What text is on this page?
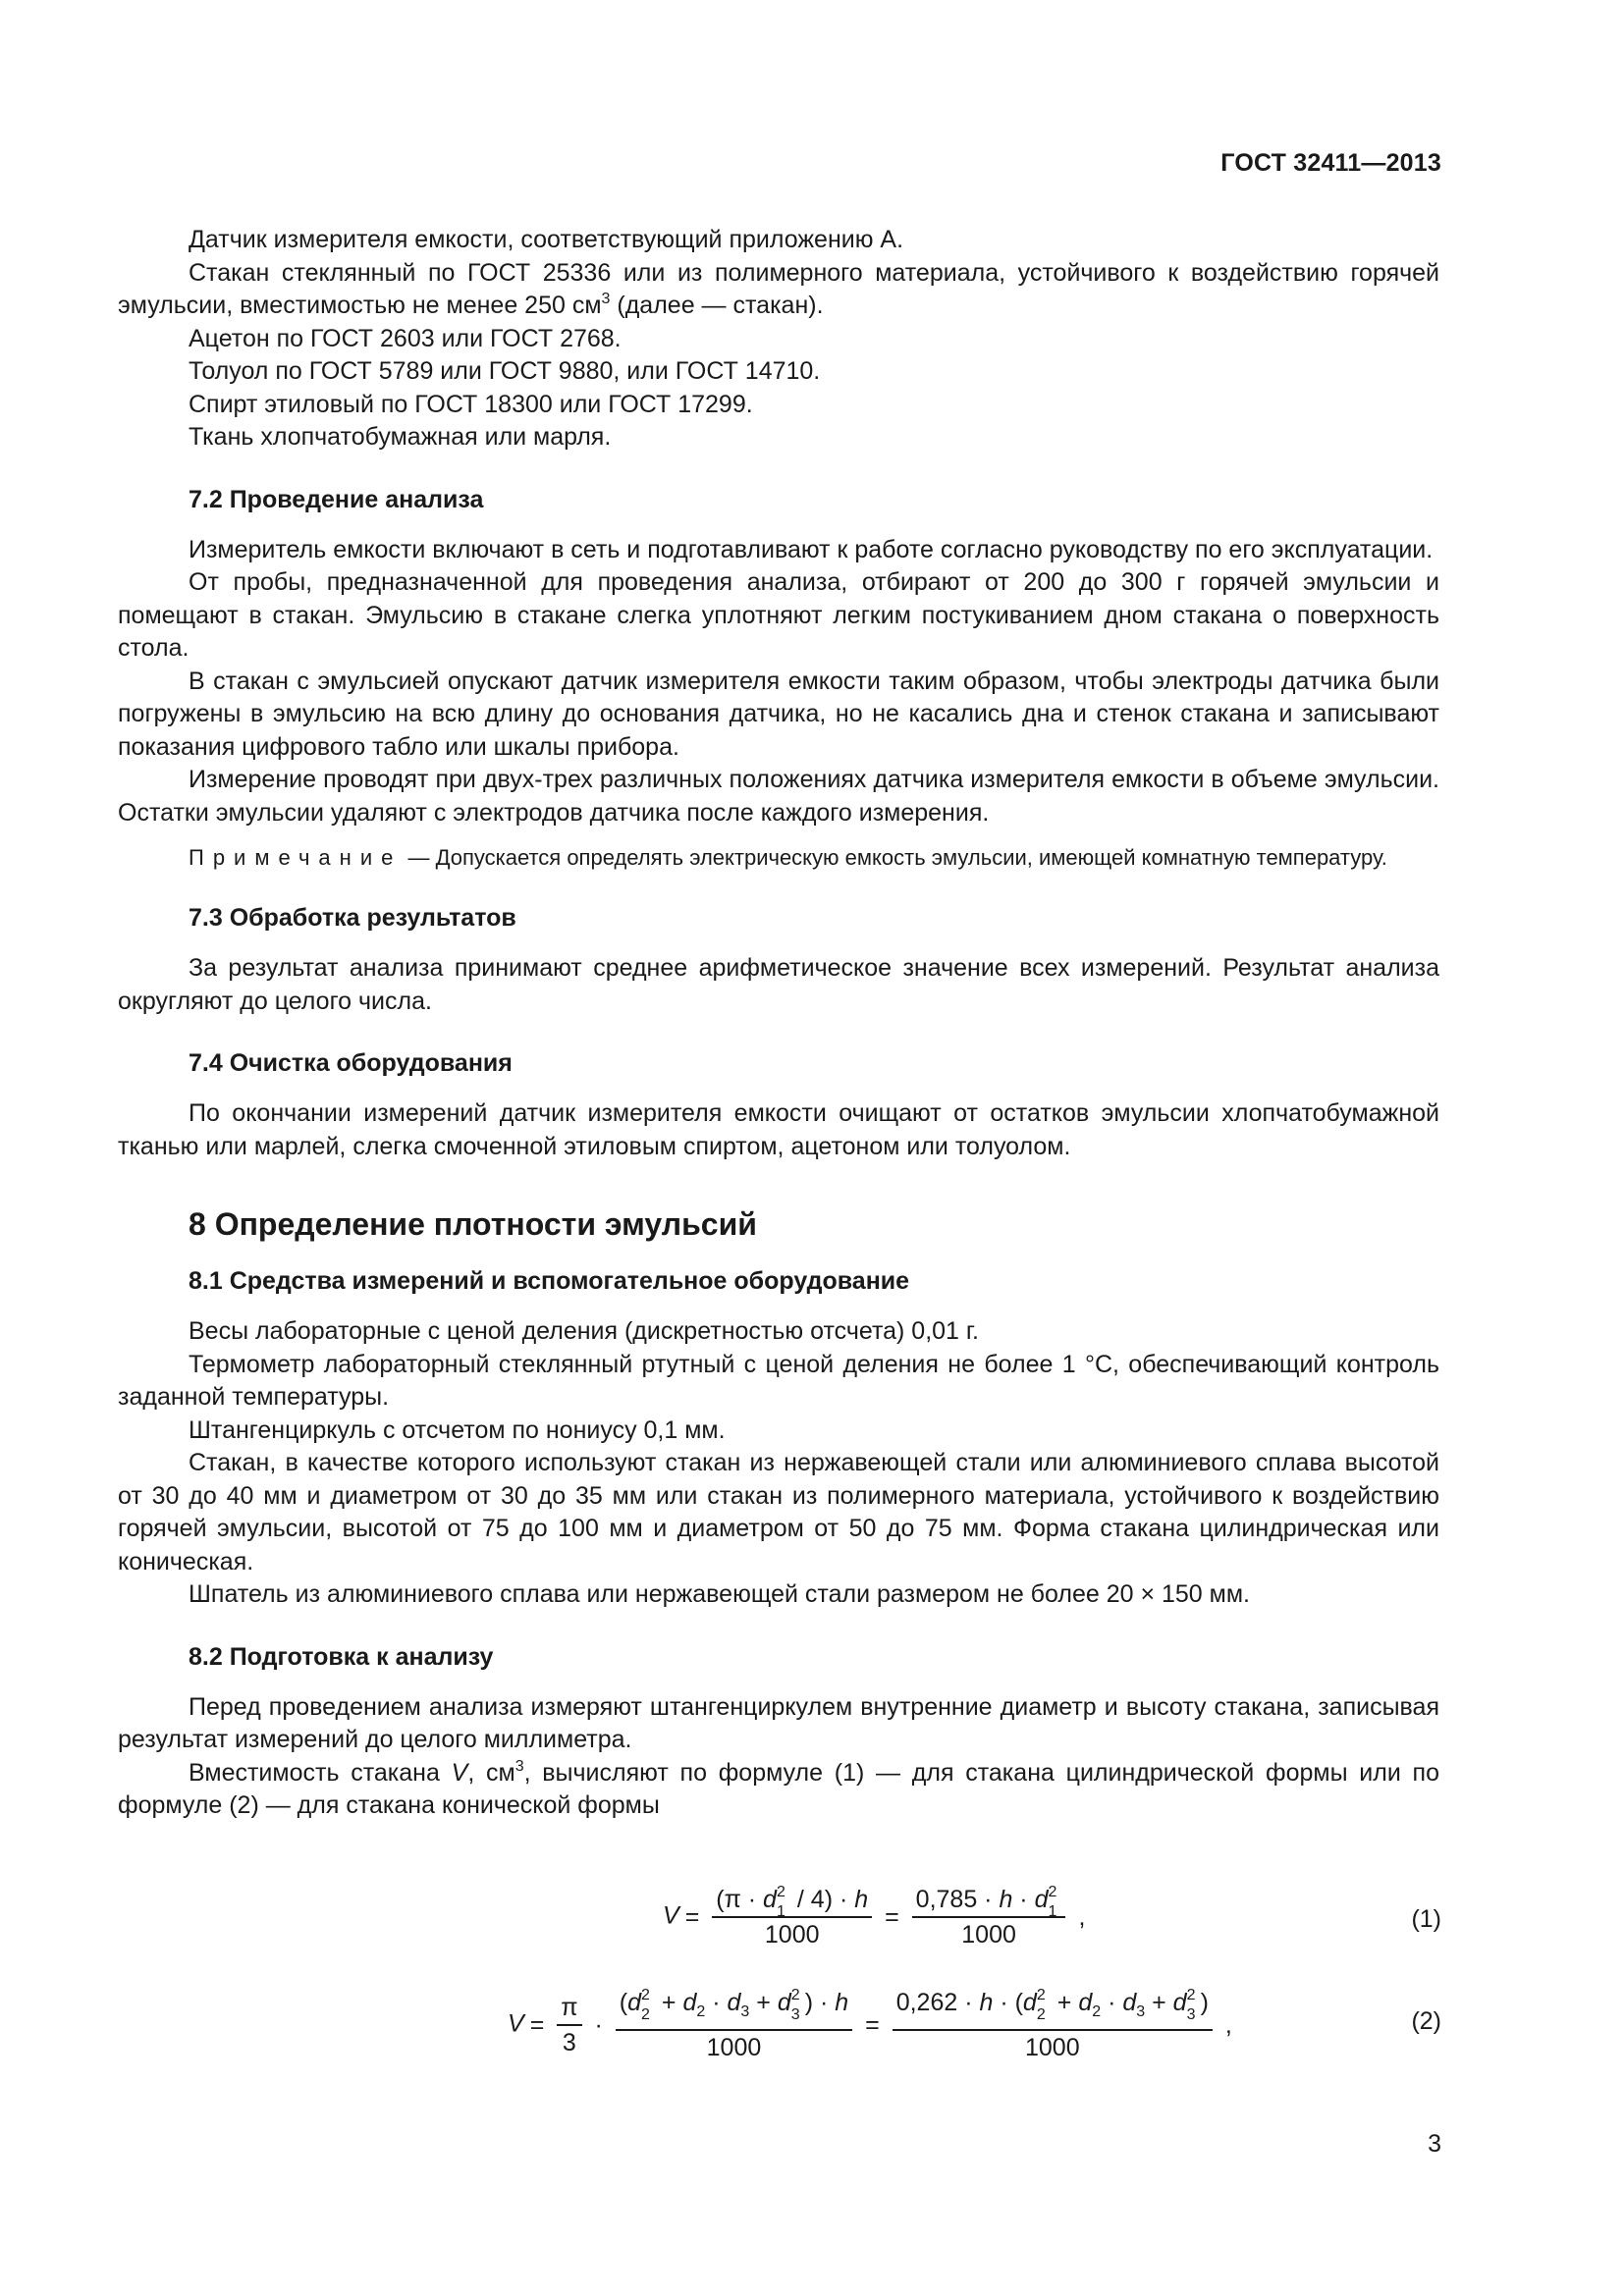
ГОСТ 32411—2013

Датчик измерителя емкости, соответствующий приложению А.

Стакан стеклянный по ГОСТ 25336 или из полимерного материала, устойчивого к воздействию горячей эмульсии, вместимостью не менее 250 $см^3$ (далее — стакан).

Ацетон по ГОСТ 2603 или ГОСТ 2768.

Толуол по ГОСТ 5789 или ГОСТ 9880, или ГОСТ 14710.

Спирт этиловый по ГОСТ 18300 или ГОСТ 17299.

Ткань хлопчатобумажная или марля.

7.2 Проведение анализа

Измеритель емкости включают в сеть и подготавливают к работе согласно руководству по его эксплуатации.

От пробы, предназначенной для проведения анализа, отбирают от 200 до 300 г горячей эмульсии и помещают в стакан. Эмульсию в стакане слегка уплотняют легким постукиванием дном стакана о поверхность стола.

В стакан с эмульсией опускают датчик измерителя емкости таким образом, чтобы электроды датчика были погружены в эмульсию на всю длину до основания датчика, но не касались дна и стенок стакана и записывают показания цифрового табло или шкалы прибора.

Измерение проводят при двух-трех различных положениях датчика измерителя емкости в объеме эмульсии. Остатки эмульсии удаляют с электродов датчика после каждого измерения.

Примечание — Допускается определять электрическую емкость эмульсии, имеющей комнатную температуру.
7.3 Обработка результатов

За результат анализа принимают среднее арифметическое значение всех измерений. Результат анализа округляют до целого числа.

7.4 Очистка оборудования

По окончании измерений датчик измерителя емкости очищают от остатков эмульсии хлопчатобумажной тканью или марлей, слегка смоченной этиловым спиртом, ацетоном или толуолом.

8 Определение плотности эмульсий
8.1 Средства измерений и вспомогательное оборудование

Весы лабораторные с ценой деления (дискретностью отсчета) 0,01 г.

Термометр лабораторный стеклянный ртутный с ценой деления не более 1 °С, обеспечивающий контроль заданной температуры.

Штангенциркуль с отсчетом по нониусу 0,1 мм.

Стакан, в качестве которого используют стакан из нержавеющей стали или алюминиевого сплава высотой от 30 до 40 мм и диаметром от 30 до 35 мм или стакан из полимерного материала, устойчивого к воздействию горячей эмульсии, высотой от 75 до 100 мм и диаметром от 50 до 75 мм. Форма стакана цилиндрическая или коническая.

Шпатель из алюминиевого сплава или нержавеющей стали размером не более 20 × 150 мм.

8.2 Подготовка к анализу

Перед проведением анализа измеряют штангенциркулем внутренние диаметр и высоту стакана, записывая результат измерений до целого миллиметра.

Вместимость стакана V, $см^3$, вычисляют по формуле (1) — для стакана цилиндрической формы или по формуле (2) — для стакана конической формы

V = (π · d 2
1 / 4) · h
1000 = 0,785 · h · d 2
1
1000 ,	(1)
$V = \frac{\pi}{3} \cdot (d$ 2
$2 + d_2 \cdot d_3 + d$ 2
3 ) · h
1000 = 0,262 · h · (d 2
$2 + d_2 \cdot d_3 + d$ 2
3 )
1000 ,	(2)
3
